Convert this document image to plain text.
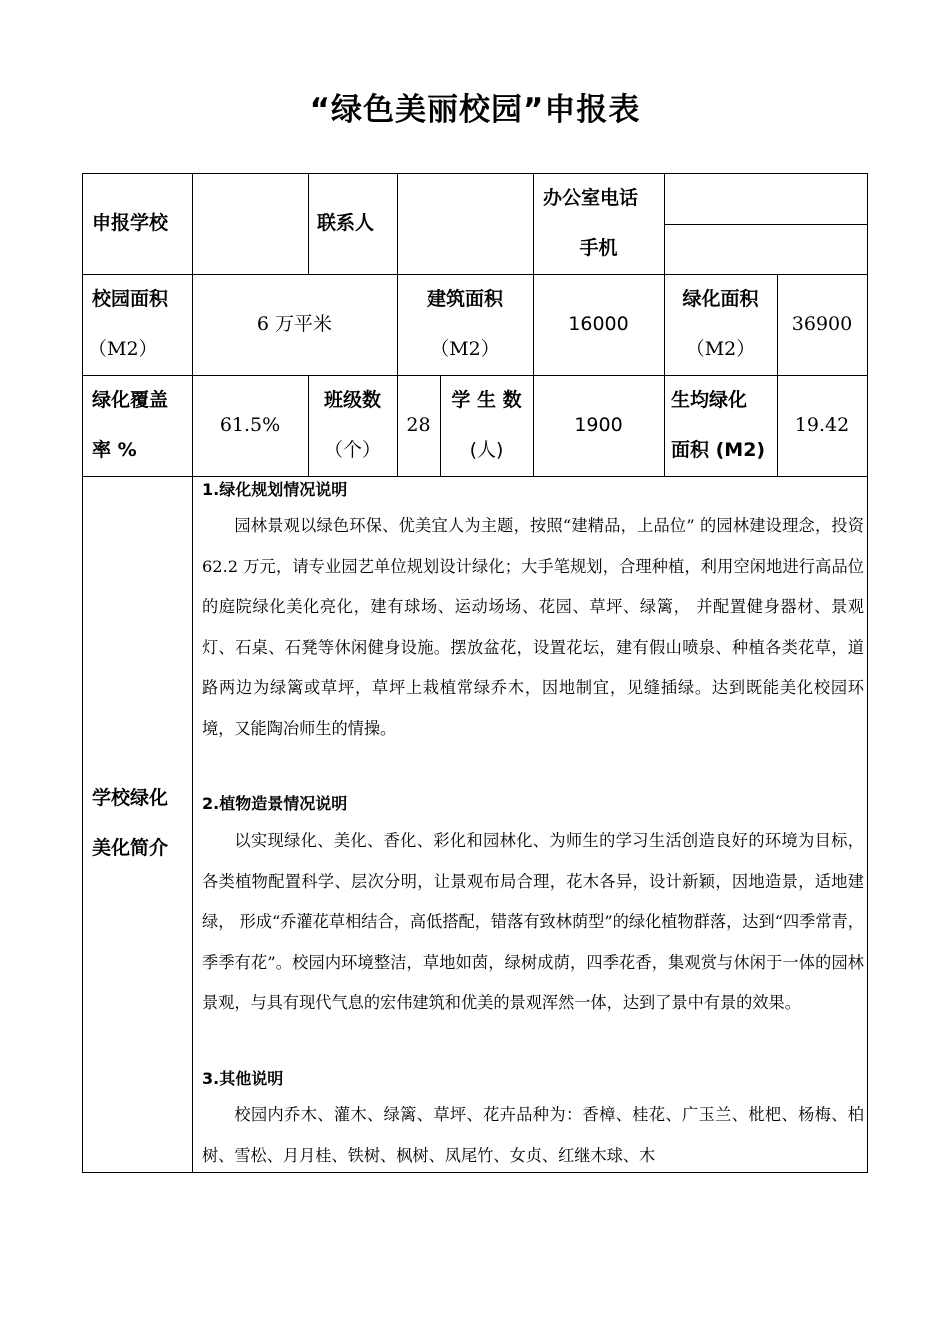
“绿色美丽校园”申报表
申报学校	联系人
办公室电话
手机
校园面积
（M2）
6 万平米
建筑面积
（M2）
16000
绿化面积
（M2）
36900
绿化覆盖
率 %
61.5%
班级数
（个）
28
学 生 数
(人)
1900
生均绿化
面积 (M2)
19.42
学校绿化
美化简介
1.绿化规划情况说明

园林景观以绿色环保、优美宜人为主题，按照“建精品，上品位” 的园林建设理念，投资 62.2 万元，请专业园艺单位规划设计绿化；大手笔规划，合理种植，利用空闲地进行高品位的庭院绿化美化亮化，建有球场、运动场场、花园、草坪、绿篱， 并配置健身器材、景观灯、石桌、石凳等休闲健身设施。摆放盆花，设置花坛，建有假山喷泉、种植各类花草，道路两边为绿篱或草坪，草坪上栽植常绿乔木，因地制宜，见缝插绿。达到既能美化校园环境，又能陶冶师生的情操。

2.植物造景情况说明

以实现绿化、美化、香化、彩化和园林化、为师生的学习生活创造良好的环境为目标，各类植物配置科学、层次分明，让景观布局合理，花木各异，设计新颖，因地造景，适地建绿， 形成“乔灌花草相结合，高低搭配，错落有致林荫型”的绿化植物群落，达到“四季常青，季季有花”。校园内环境整洁，草地如茵，绿树成荫，四季花香，集观赏与休闲于一体的园林景观，与具有现代气息的宏伟建筑和优美的景观浑然一体，达到了景中有景的效果。

3.其他说明

校园内乔木、灌木、绿篱、草坪、花卉品种为：香樟、桂花、广玉兰、枇杷、杨梅、柏树、雪松、月月桂、铁树、枫树、凤尾竹、女贞、红继木球、木
